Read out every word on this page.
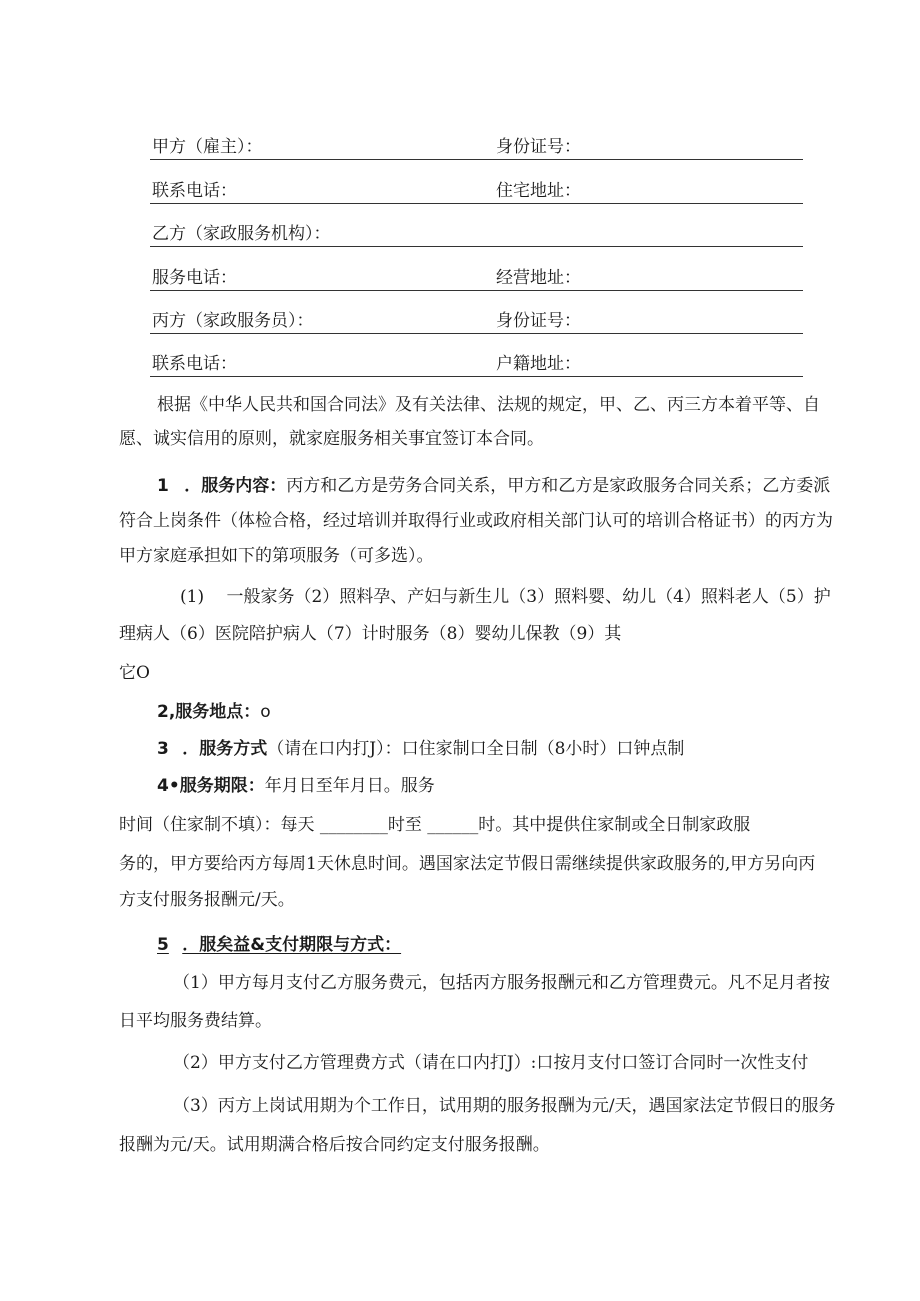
甲方（雇主）：	身份证号：
联系电话：	住宅地址：
乙方（家政服务机构）：
服务电话：	经营地址：
丙方（家政服务员）：	身份证号：
联系电话：	户籍地址：
根据《中华人民共和国合同法》及有关法律、法规的规定，甲、乙、丙三方本着平等、自
愿、诚实信用的原则，就家庭服务相关事宜签订本合同。
1 ．服务内容：丙方和乙方是劳务合同关系，甲方和乙方是家政服务合同关系；乙方委派
符合上岗条件（体检合格，经过培训并取得行业或政府相关部门认可的培训合格证书）的丙方为
甲方家庭承担如下的第项服务（可多选）。
(1)　 一般家务（2）照料孕、产妇与新生儿（3）照料婴、幼儿（4）照料老人（5）护
理病人（6）医院陪护病人（7）计时服务（8）婴幼儿保教（9）其
它O
2,服务地点：o
3 ．服务方式（请在口内打J）：口住家制口全日制（8小时）口钟点制
4•服务期限：年月日至年月日。服务
时间（住家制不填）：每天 ________时至 ______时。其中提供住家制或全日制家政服
务的，甲方要给丙方每周1天休息时间。遇国家法定节假日需继续提供家政服务的,甲方另向丙
方支付服务报酬元/天。
5 ．服矣益&支付期限与方式：
（1）甲方每月支付乙方服务费元，包括丙方服务报酬元和乙方管理费元。凡不足月者按
日平均服务费结算。
（2）甲方支付乙方管理费方式（请在口内打J）:口按月支付口签订合同时一次性支付
（3）丙方上岗试用期为个工作日，试用期的服务报酬为元/天，遇国家法定节假日的服务
报酬为元/天。试用期满合格后按合同约定支付服务报酬。
